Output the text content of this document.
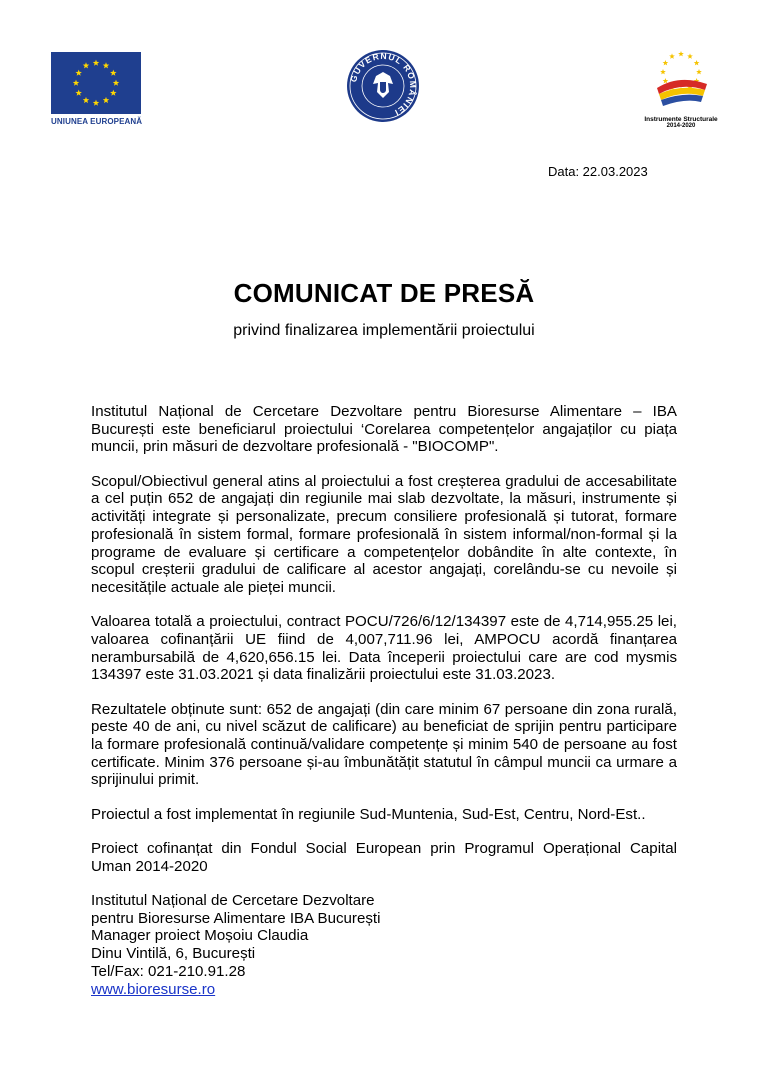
UNIUNEA EUROPEANĂ
GUVERNUL ROMÂNIEI
Instrumente Structurale
2014-2020
Data: 22.03.2023
COMUNICAT DE PRESĂ
privind finalizarea implementării proiectului

Institutul Național de Cercetare Dezvoltare pentru Bioresurse Alimentare – IBA București este beneficiarul proiectului ‘Corelarea competențelor angajaților cu piața muncii, prin măsuri de dezvoltare profesională - "BIOCOMP".

Scopul/Obiectivul general atins al proiectului a fost creșterea gradului de accesabilitate a cel puțin 652 de angajați din regiunile mai slab dezvoltate, la măsuri, instrumente și activități integrate și personalizate, precum consiliere profesională și tutorat, formare profesională în sistem formal, formare profesională în sistem informal/non-formal și la programe de evaluare și certificare a competențelor dobândite în alte contexte, în scopul creșterii gradului de calificare al acestor angajați, corelându-se cu nevoile și necesitățile actuale ale pieței muncii.

Valoarea totală a proiectului, contract POCU/726/6/12/134397 este de 4,714,955.25 lei, valoarea cofinanțării UE fiind de 4,007,711.96 lei, AMPOCU acordă finanțarea nerambursabilă de 4,620,656.15 lei. Data începerii proiectului care are cod mysmis 134397 este 31.03.2021 și data finalizării proiectului este 31.03.2023.

Rezultatele obținute sunt: 652 de angajați (din care minim 67 persoane din zona rurală, peste 40 de ani, cu nivel scăzut de calificare) au beneficiat de sprijin pentru participare la formare profesională continuă/validare competențe și minim 540 de persoane au fost certificate. Minim 376 persoane și-au îmbunătățit statutul în câmpul muncii ca urmare a sprijinului primit.

Proiectul a fost implementat în regiunile Sud-Muntenia, Sud-Est, Centru, Nord-Est..

Proiect cofinanțat din Fondul Social European prin Programul Operațional Capital Uman 2014-2020

Institutul Național de Cercetare Dezvoltare
pentru Bioresurse Alimentare IBA București
Manager proiect Moșoiu Claudia
Dinu Vintilă, 6, București
Tel/Fax: 021-210.91.28
www.bioresurse.ro
